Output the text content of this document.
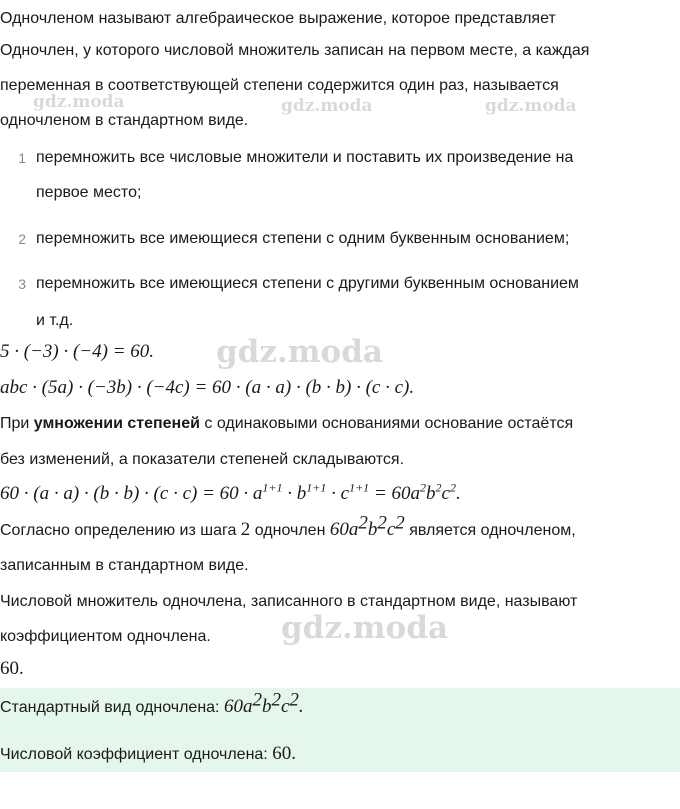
Одночленом называют алгебраическое выражение, которое представляет
Одночлен, у которого числовой множитель записан на первом месте, а каждая
переменная в соответствующей степени содержится один раз, называется
одночленом в стандартном виде.
gdz.moda	gdz.moda	gdz.moda
1 перемножить все числовые множители и поставить их произведение на
первое место;
2 перемножить все имеющиеся степени с одним буквенным основанием;
3 перемножить все имеющиеся степени с другими буквенным основанием
и т.д.
5 · (−3) · (−4) = 60. gdz.moda
abc · (5a) · (−3b) · (−4c) = 60 · (a · a) · (b · b) · (c · c).
При умножении степеней с одинаковыми основаниями основание остаётся
без изменений, а показатели степеней складываются.
$60 \cdot (a \cdot a) \cdot (b \cdot b) \cdot (c \cdot c) = 60 \cdot a^{1+1} \cdot b^{1+1} \cdot c^{1+1} = 60a^2b^2c^2$.
Согласно определению из шага 2 одночлен $60a^2b^2c^2$ является одночленом,
записанным в стандартном виде.
Числовой множитель одночлена, записанного в стандартном виде, называют
коэффициентом одночлена. gdz.moda
60.
Стандартный вид одночлена: $60a^2b^2c^2$.
Числовой коэффициент одночлена: 60.
